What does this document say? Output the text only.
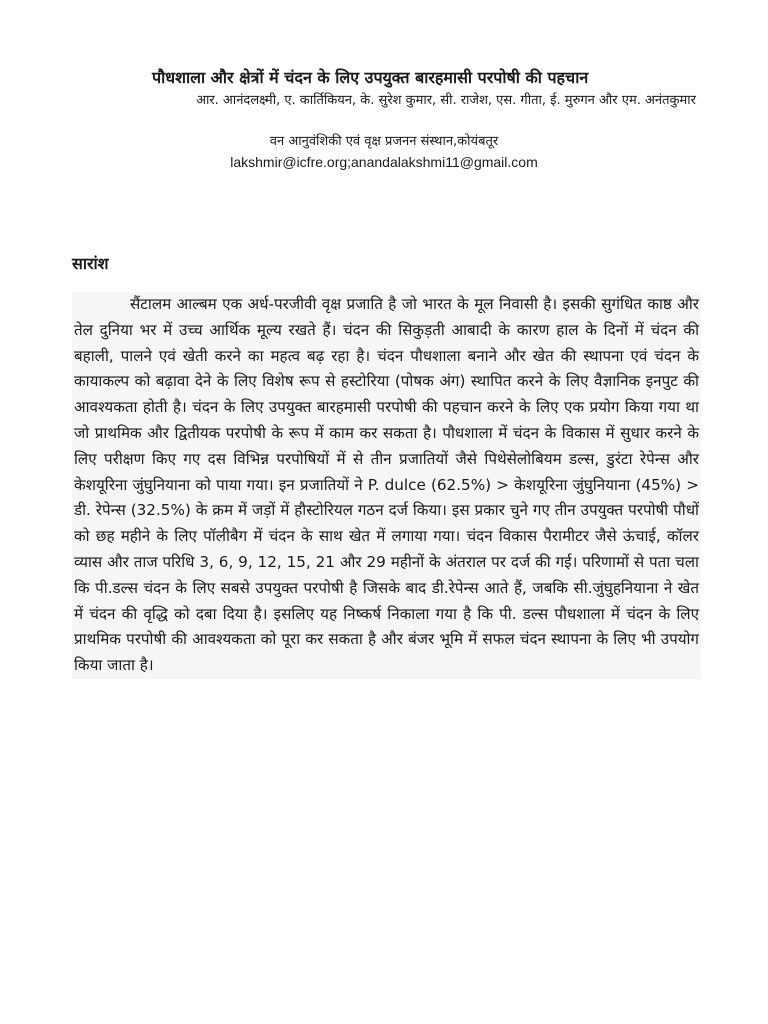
पौधशाला और क्षेत्रों में चंदन के लिए उपयुक्त बारहमासी परपोषी की पहचान

आर. आनंदलक्ष्मी, ए. कार्तिकियन, के. सुरेश कुमार, सी. राजेश, एस. गीता, ई. मुरुगन और एम. अनंतकुमार

वन आनुवंशिकी एवं वृक्ष प्रजनन संस्थान,कोयंबतूर
lakshmir@icfre.org;anandalakshmi11@gmail.com
सारांश

सैंटालम आल्बम एक अर्ध-परजीवी वृक्ष प्रजाति है जो भारत के मूल निवासी है। इसकी सुगंधित काष्ठ और तेल दुनिया भर में उच्च आर्थिक मूल्य रखते हैं। चंदन की सिकुड़ती आबादी के कारण हाल के दिनों में चंदन की बहाली, पालने एवं खेती करने का महत्व बढ़ रहा है। चंदन पौधशाला बनाने और खेत की स्थापना एवं चंदन के कायाकल्प को बढ़ावा देने के लिए विशेष रूप से हस्टोरिया (पोषक अंग) स्थापित करने के लिए वैज्ञानिक इनपुट की आवश्यकता होती है। चंदन के लिए उपयुक्त बारहमासी परपोषी की पहचान करने के लिए एक प्रयोग किया गया था जो प्राथमिक और द्वितीयक परपोषी के रूप में काम कर सकता है। पौधशाला में चंदन के विकास में सुधार करने के लिए परीक्षण किए गए दस विभिन्न परपोषियों में से तीन प्रजातियों जैसे पिथेसेलोबियम डल्स, डुरंटा रेपेन्स और केशयूरिना जुंघुनियाना को पाया गया। इन प्रजातियों ने P. dulce (62.5%) > केशयूरिना जुंघुनियाना (45%) > डी. रेपेन्स (32.5%) के क्रम में जड़ों में हौस्टोरियल गठन दर्ज किया। इस प्रकार चुने गए तीन उपयुक्त परपोषी पौधों को छह महीने के लिए पॉलीबैग में चंदन के साथ खेत में लगाया गया। चंदन विकास पैरामीटर जैसे ऊंचाई, कॉलर व्यास और ताज परिधि 3, 6, 9, 12, 15, 21 और 29 महीनों के अंतराल पर दर्ज की गई। परिणामों से पता चला कि पी.डल्स चंदन के लिए सबसे उपयुक्त परपोषी है जिसके बाद डी.रेपेन्स आते हैं, जबकि सी.जुंघुहनियाना ने खेत में चंदन की वृद्धि को दबा दिया है। इसलिए यह निष्कर्ष निकाला गया है कि पी. डल्स पौधशाला में चंदन के लिए प्राथमिक परपोषी की आवश्यकता को पूरा कर सकता है और बंजर भूमि में सफल चंदन स्थापना के लिए भी उपयोग किया जाता है।
